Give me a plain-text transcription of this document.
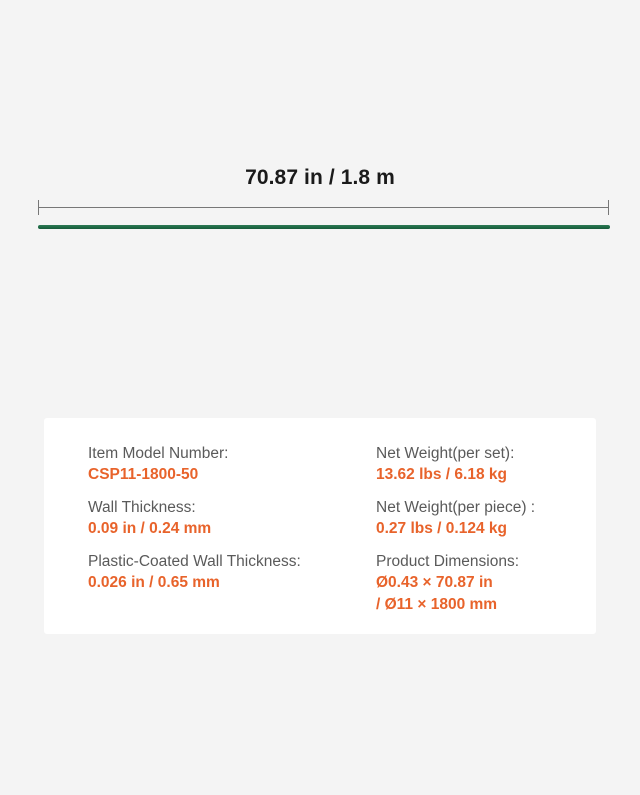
70.87 in / 1.8 m
Item Model Number:
CSP11-1800-50
Wall Thickness:
0.09 in / 0.24 mm
Plastic-Coated Wall Thickness:
0.026 in / 0.65 mm
Net Weight(per set):
13.62 lbs / 6.18 kg
Net Weight(per piece) :
0.27 lbs / 0.124 kg
Product Dimensions:
Ø0.43 × 70.87 in
/ Ø11 × 1800 mm
